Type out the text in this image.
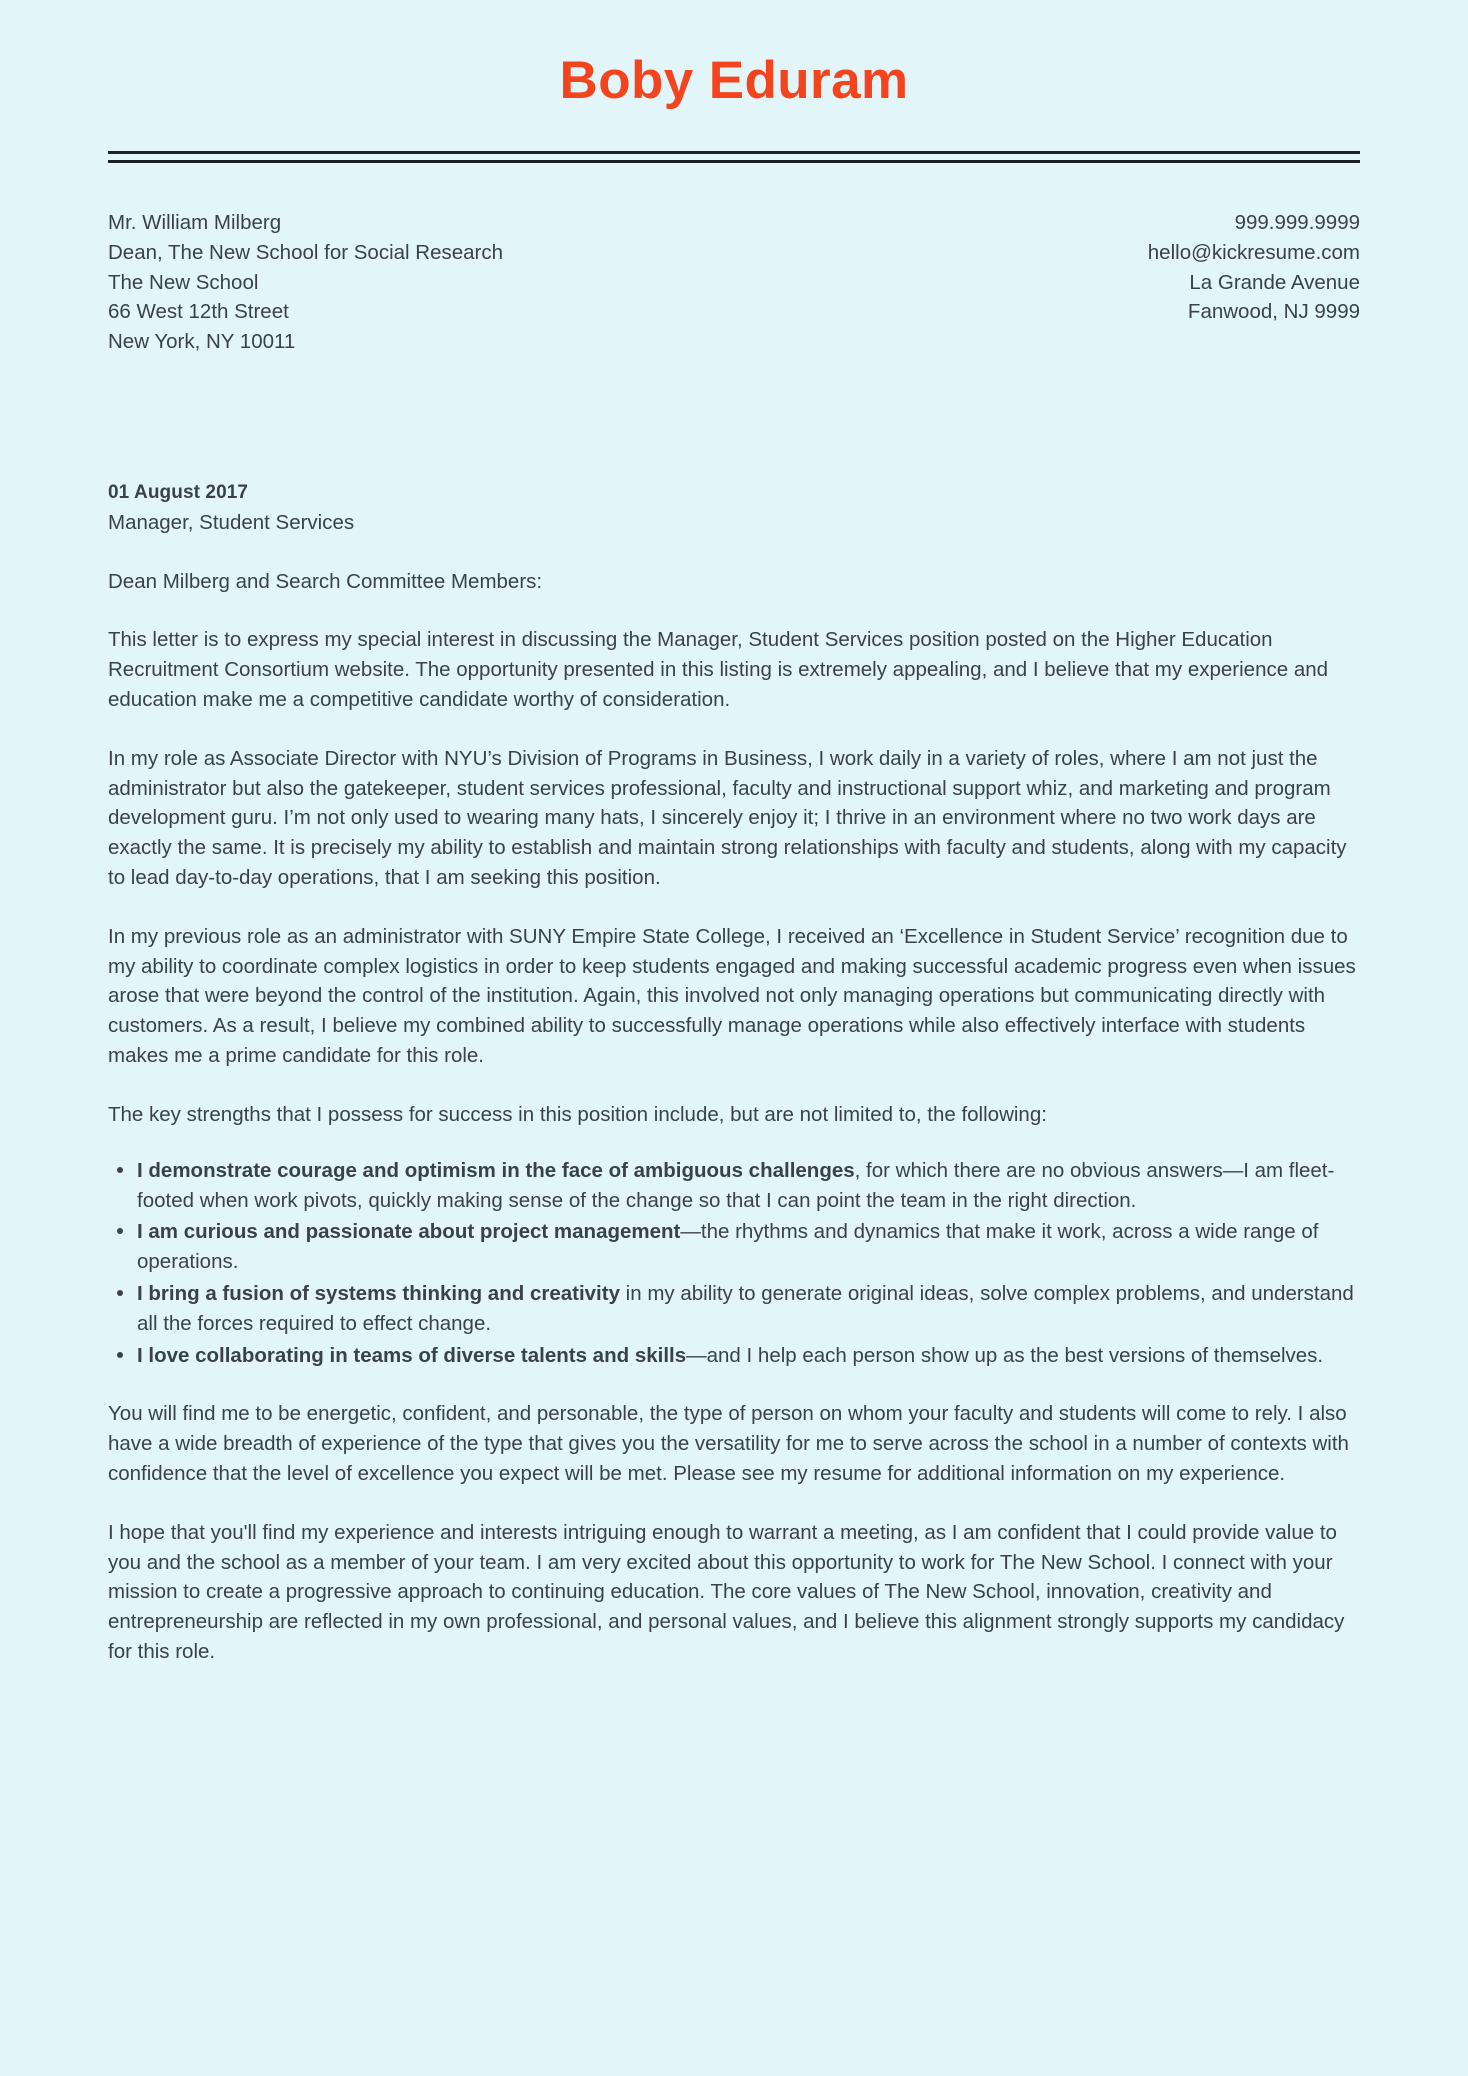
Boby Eduram
Mr. William Milberg
Dean, The New School for Social Research
The New School
66 West 12th Street
New York, NY 10011
999.999.9999
hello@kickresume.com
La Grande Avenue
Fanwood, NJ 9999
01 August 2017
Manager, Student Services
Dean Milberg and Search Committee Members:

This letter is to express my special interest in discussing the Manager, Student Services position posted on the Higher Education Recruitment Consortium website. The opportunity presented in this listing is extremely appealing, and I believe that my experience and education make me a competitive candidate worthy of consideration.

In my role as Associate Director with NYU’s Division of Programs in Business, I work daily in a variety of roles, where I am not just the administrator but also the gatekeeper, student services professional, faculty and instructional support whiz, and marketing and program development guru. I’m not only used to wearing many hats, I sincerely enjoy it; I thrive in an environment where no two work days are exactly the same. It is precisely my ability to establish and maintain strong relationships with faculty and students, along with my capacity to lead day-to-day operations, that I am seeking this position.

In my previous role as an administrator with SUNY Empire State College, I received an ‘Excellence in Student Service’ recognition due to my ability to coordinate complex logistics in order to keep students engaged and making successful academic progress even when issues arose that were beyond the control of the institution. Again, this involved not only managing operations but communicating directly with customers. As a result, I believe my combined ability to successfully manage operations while also effectively interface with students makes me a prime candidate for this role.

The key strengths that I possess for success in this position include, but are not limited to, the following:

I demonstrate courage and optimism in the face of ambiguous challenges, for which there are no obvious answers—I am fleet-footed when work pivots, quickly making sense of the change so that I can point the team in the right direction.
I am curious and passionate about project management—the rhythms and dynamics that make it work, across a wide range of operations.
I bring a fusion of systems thinking and creativity in my ability to generate original ideas, solve complex problems, and understand all the forces required to effect change.
I love collaborating in teams of diverse talents and skills—and I help each person show up as the best versions of themselves.

You will find me to be energetic, confident, and personable, the type of person on whom your faculty and students will come to rely. I also have a wide breadth of experience of the type that gives you the versatility for me to serve across the school in a number of contexts with confidence that the level of excellence you expect will be met. Please see my resume for additional information on my experience.

I hope that you'll find my experience and interests intriguing enough to warrant a meeting, as I am confident that I could provide value to you and the school as a member of your team. I am very excited about this opportunity to work for The New School. I connect with your mission to create a progressive approach to continuing education. The core values of The New School, innovation, creativity and entrepreneurship are reflected in my own professional, and personal values, and I believe this alignment strongly supports my candidacy for this role.
